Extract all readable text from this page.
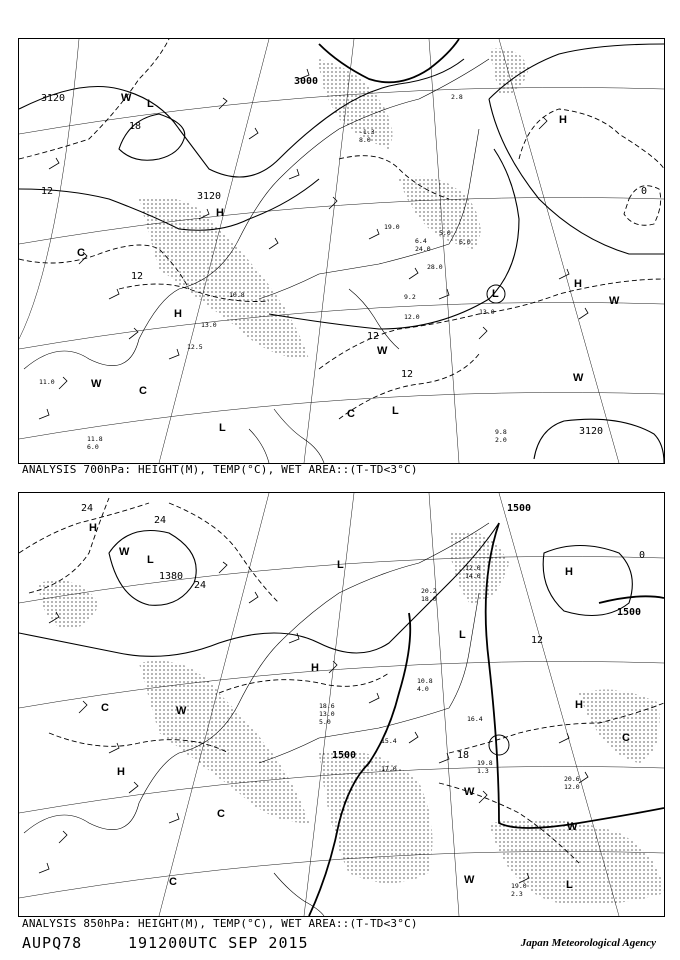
3120
3000
3120
3120
12
12
12
0
12
18
H
H
H
H
L
L
L
C
C
C
W
W
W
W
W
L
10.8
13.0
12.5
11.0
9.2
6.0
2.8
-1.3
8.0
12.0
19.0
28.0
24.0
6.4
5.0
13.0
9.8
2.0
11.8
6.0
ANALYSIS 700hPa: HEIGHT(M), TEMP(°C), WET AREA::(T-TD<3°C)
1500
1380
1500
1500
24
24
24
18
12
0
H
H
H
H
H
L	L
L
L
C
C
C
C
W
W
W
W
W
20.2
18.0
14.0
12.0
16.4
15.4
17.0
19.0
2.3
20.6
12.0
19.8
1.3
18.6
13.0
5.0
10.8
4.0
ANALYSIS 850hPa: HEIGHT(M), TEMP(°C), WET AREA::(T-TD<3°C)
AUPQ78	191200UTC SEP 2015	Japan Meteorological Agency
